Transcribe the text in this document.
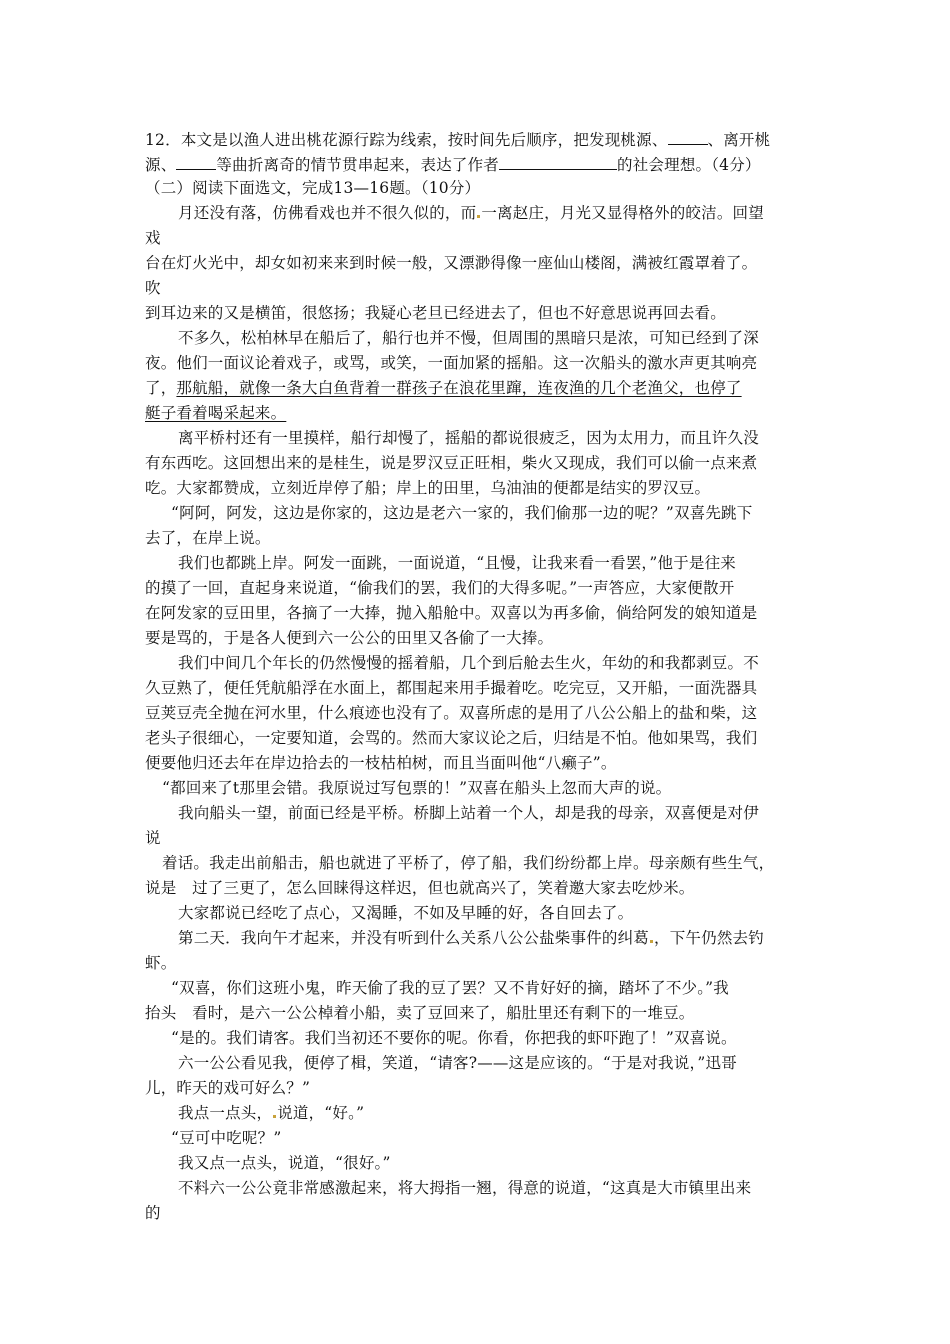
12．本文是以渔人进出桃花源行踪为线索，按时间先后顺序，把发现桃源、	、离开桃
源、	等曲折离奇的情节贯串起来，表达了作者	的社会理想。（4分）
（二）阅读下面选文，完成13—16题。（10分）
月还没有落，仿佛看戏也并不很久似的，而 一离赵庄，月光又显得格外的皎洁。回望
戏
台在灯火光中，却女如初来来到时候一般，又漂渺得像一座仙山楼阁，满被红霞罩着了。
吹
到耳边来的又是横笛，很悠扬；我疑心老旦已经进去了，但也不好意思说再回去看。
不多久，松柏林早在船后了，船行也并不慢，但周围的黑暗只是浓，可知已经到了深
夜。他们一面议论着戏子，或骂，或笑，一面加紧的摇船。这一次船头的激水声更其响亮
了，那航船，就像一条大白鱼背着一群孩子在浪花里蹿，连夜渔的几个老渔父，也停了
艇子看着喝采起来。
离平桥村还有一里摸样，船行却慢了，摇船的都说很疲乏，因为太用力，而且许久没
有东西吃。这回想出来的是桂生，说是罗汉豆正旺相，柴火又现成，我们可以偷一点来煮
吃。大家都赞成，立刻近岸停了船；岸上的田里，乌油油的便都是结实的罗汉豆。
“阿阿，阿发，这边是你家的，这边是老六一家的，我们偷那一边的呢？”双喜先跳下
去了，在岸上说。
我们也都跳上岸。阿发一面跳，一面说道，“且慢，让我来看一看罢，”他于是往来
的摸了一回，直起身来说道，“偷我们的罢，我们的大得多呢。”一声答应，大家便散开
在阿发家的豆田里，各摘了一大捧，抛入船舱中。双喜以为再多偷，倘给阿发的娘知道是
要是骂的，于是各人便到六一公公的田里又各偷了一大捧。
我们中间几个年长的仍然慢慢的摇着船，几个到后舱去生火，年幼的和我都剥豆。不
久豆熟了，便任凭航船浮在水面上，都围起来用手撮着吃。吃完豆，又开船，一面洗器具
豆荚豆壳全抛在河水里，什么痕迹也没有了。双喜所虑的是用了八公公船上的盐和柴，这
老头子很细心，一定要知道，会骂的。然而大家议论之后，归结是不怕。他如果骂，我们
便要他归还去年在岸边拾去的一枝枯柏树，而且当面叫他“八癞子”。
“都回来了t那里会错。我原说过写包票的！”双喜在船头上忽而大声的说。
我向船头一望，前面已经是平桥。桥脚上站着一个人，却是我的母亲，双喜便是对伊
说
着话。我走出前船击，船也就进了平桥了，停了船，我们纷纷都上岸。母亲颇有些生气，
说是　过了三更了，怎么回睐得这样迟，但也就高兴了，笑着邀大家去吃炒米。
大家都说已经吃了点心，又渴睡，不如及早睡的好，各自回去了。
第二天．我向午才起来，并没有听到什么关系八公公盐柴事件的纠葛 ，下午仍然去钓
虾。
“双喜，你们这班小鬼，昨天偷了我的豆了罢？又不肯好好的摘，踏坏了不少。”我
抬头　看时，是六一公公棹着小船，卖了豆回来了，船肚里还有剩下的一堆豆。
“是的。我们请客。我们当初还不要你的呢。你看，你把我的虾吓跑了！”双喜说。
六一公公看见我，便停了楫，笑道，“请客?——这是应该的。“于是对我说，”迅哥
儿，昨天的戏可好么？”
我点一点头， 说道，“好。”
“豆可中吃呢？”
我又点一点头，说道，“很好。”
不料六一公公竟非常感激起来，将大拇指一翘，得意的说道，“这真是大市镇里出来
的
